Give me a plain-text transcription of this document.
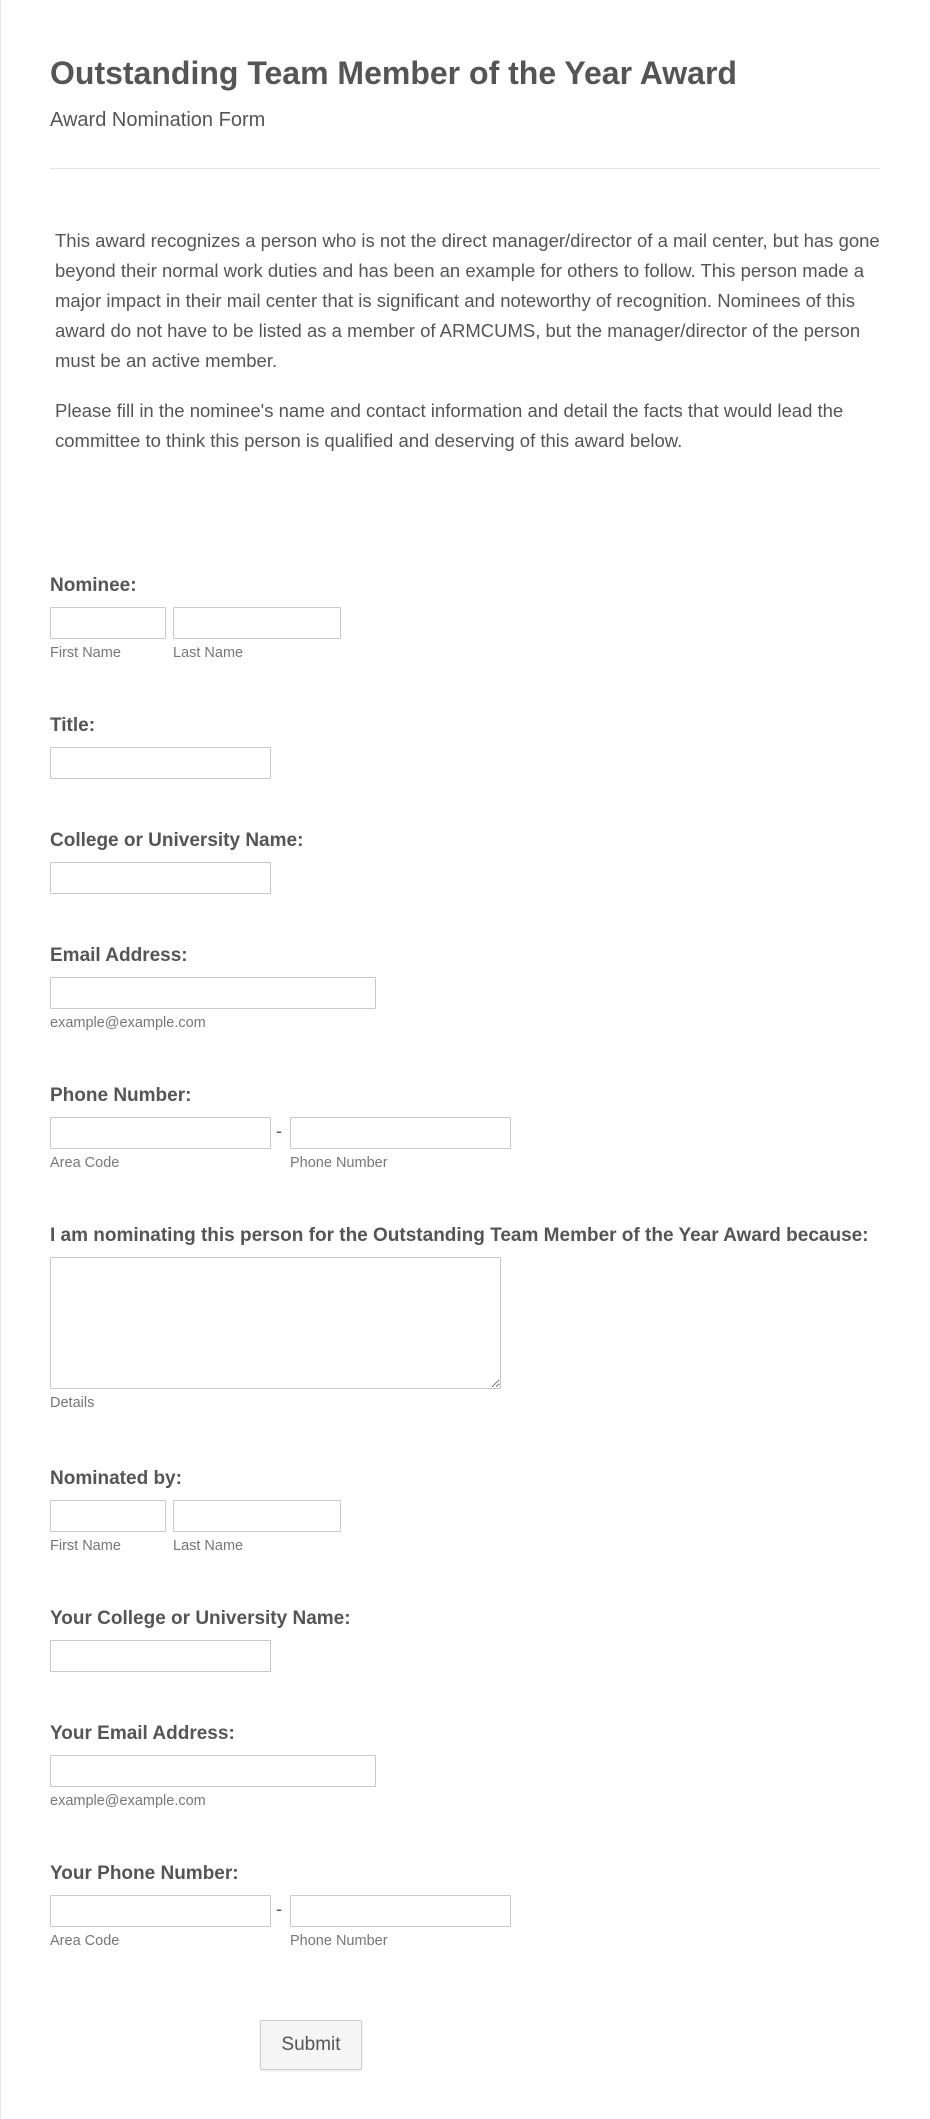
Outstanding Team Member of the Year Award
Award Nomination Form

This award recognizes a person who is not the direct manager/director of a mail center, but has gone beyond their normal work duties and has been an example for others to follow. This person made a major impact in their mail center that is significant and noteworthy of recognition. Nominees of this award do not have to be listed as a member of ARMCUMS, but the manager/director of the person must be an active member.

Please fill in the nominee's name and contact information and detail the facts that would lead the committee to think this person is qualified and deserving of this award below.

Nominee:
First Name	Last Name
Title:
College or University Name:
Email Address:
example@example.com
Phone Number:
-
Area Code	Phone Number
I am nominating this person for the Outstanding Team Member of the Year Award because:
Details
Nominated by:
First Name	Last Name
Your College or University Name:
Your Email Address:
example@example.com
Your Phone Number:
-
Area Code	Phone Number
Submit
